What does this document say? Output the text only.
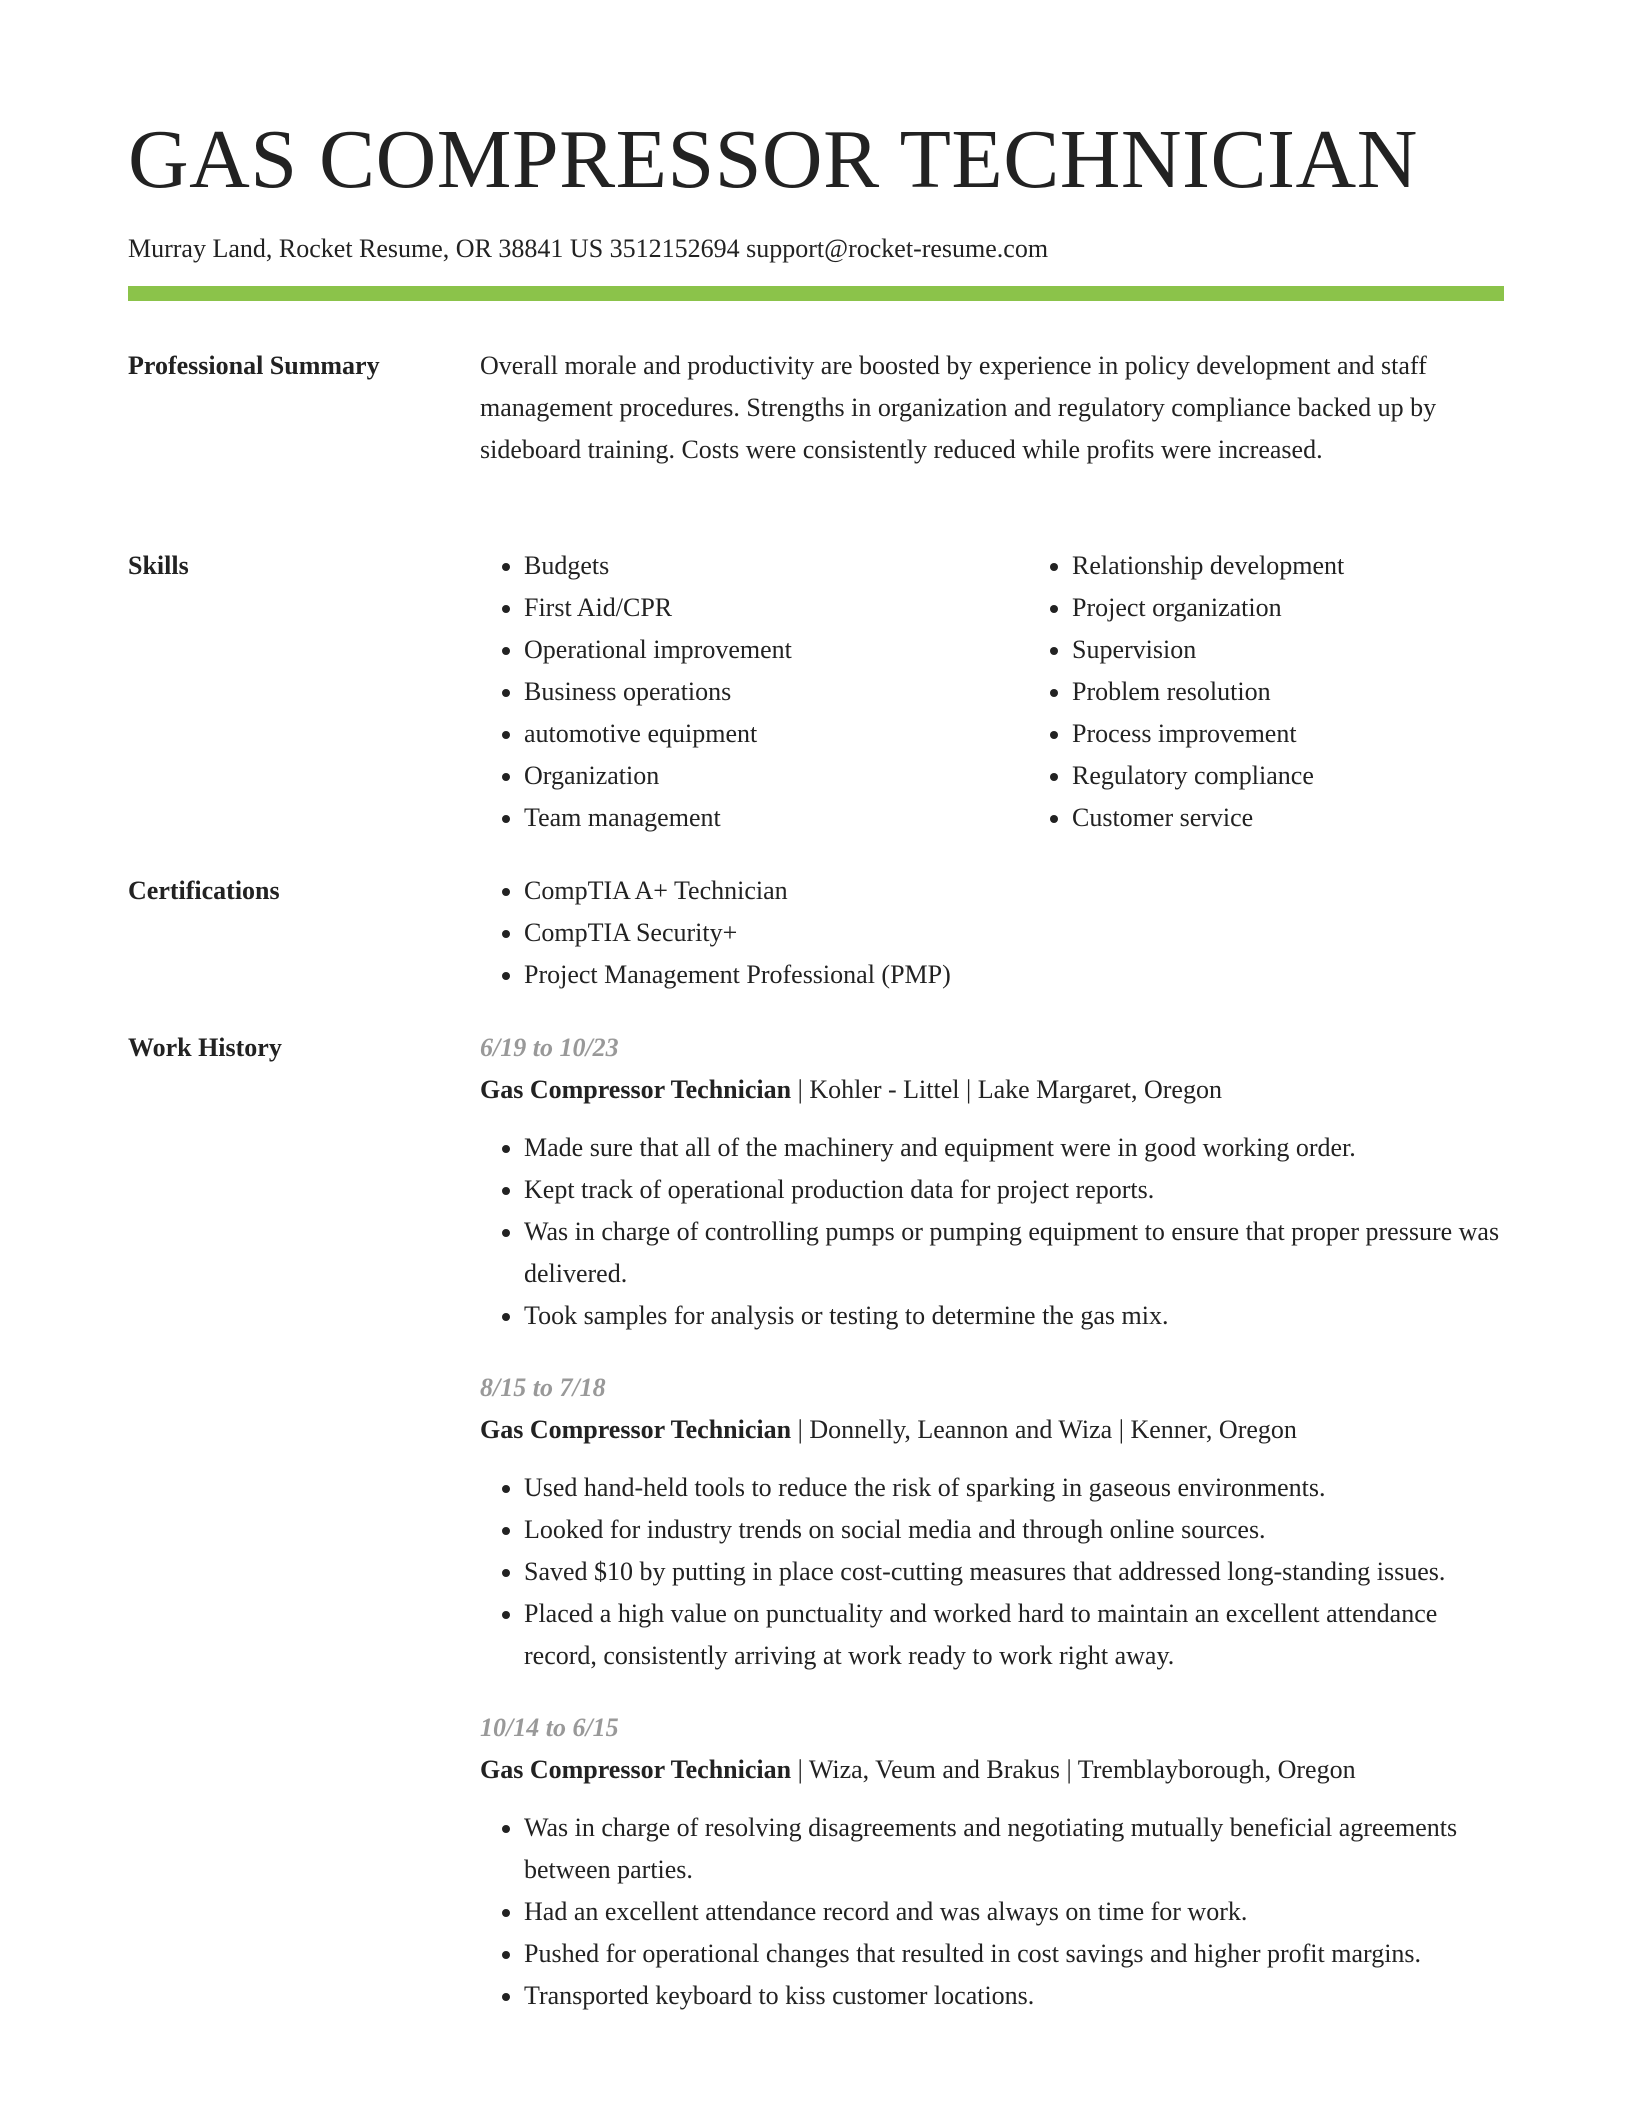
GAS COMPRESSOR TECHNICIAN
Murray Land, Rocket Resume, OR 38841 US 3512152694 support@rocket-resume.com
Professional Summary	Overall morale and productivity are boosted by experience in policy development and staff management procedures. Strengths in organization and regulatory compliance backed up by sideboard training. Costs were consistently reduced while profits were increased.

Skills	• Budgets
• First Aid/CPR
• Operational improvement
• Business operations
• automotive equipment
• Organization
• Team management
• Relationship development
• Project organization
• Supervision
• Problem resolution
• Process improvement
• Regulatory compliance
• Customer service
Certifications	• CompTIA A+ Technician
• CompTIA Security+
• Project Management Professional (PMP)
Work History	6/19 to 10/23
Gas Compressor Technician | Kohler - Littel | Lake Margaret, Oregon
• Made sure that all of the machinery and equipment were in good working order.
• Kept track of operational production data for project reports.
• Was in charge of controlling pumps or pumping equipment to ensure that proper pressure was delivered.
• Took samples for analysis or testing to determine the gas mix.
8/15 to 7/18
Gas Compressor Technician | Donnelly, Leannon and Wiza | Kenner, Oregon
• Used hand-held tools to reduce the risk of sparking in gaseous environments.
• Looked for industry trends on social media and through online sources.
• Saved $10 by putting in place cost-cutting measures that addressed long-standing issues.
• Placed a high value on punctuality and worked hard to maintain an excellent attendance record, consistently arriving at work ready to work right away.
10/14 to 6/15
Gas Compressor Technician | Wiza, Veum and Brakus | Tremblayborough, Oregon
• Was in charge of resolving disagreements and negotiating mutually beneficial agreements between parties.
• Had an excellent attendance record and was always on time for work.
• Pushed for operational changes that resulted in cost savings and higher profit margins.
• Transported keyboard to kiss customer locations.
